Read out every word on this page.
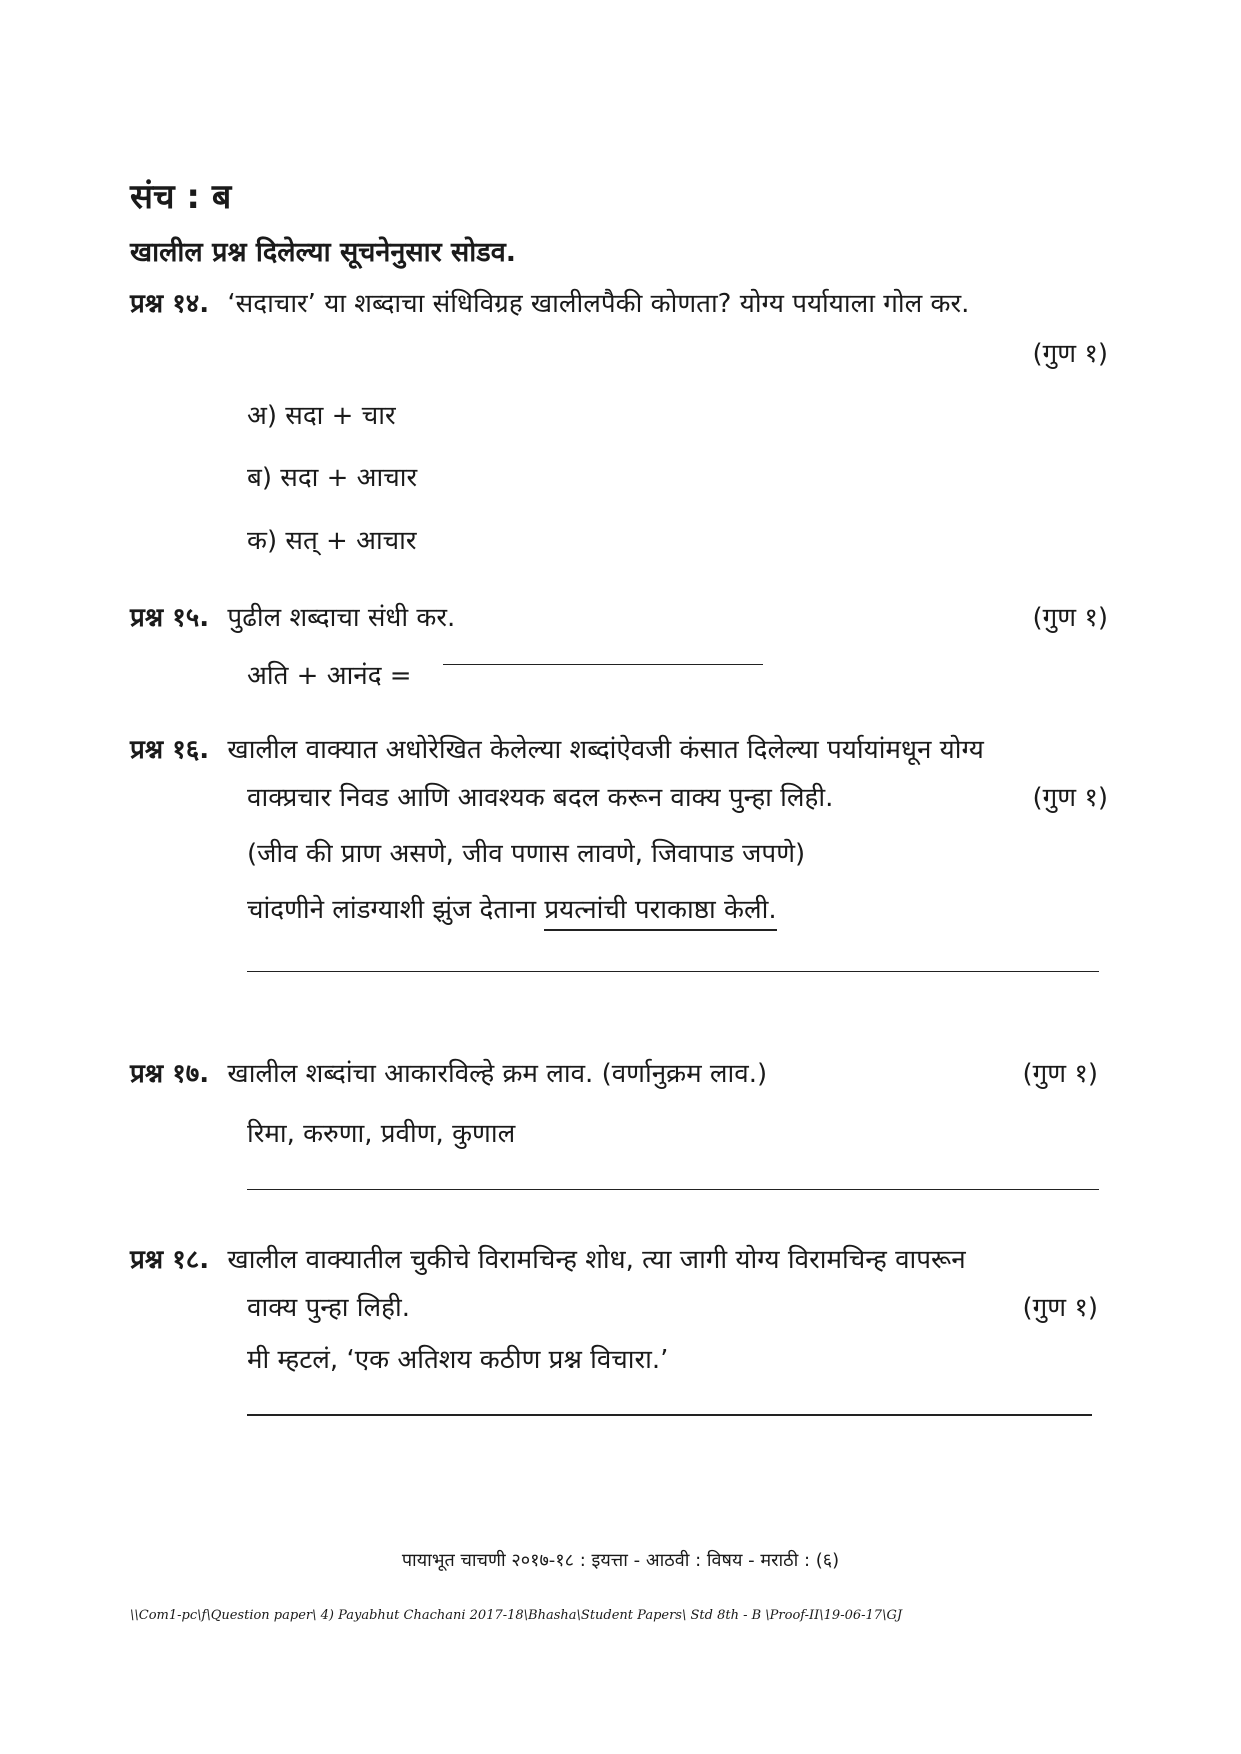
संच : ब
खालील प्रश्न दिलेल्या सूचनेनुसार सोडव.
प्रश्न १४. ‘सदाचार’ या शब्दाचा संधिविग्रह खालीलपैकी कोणता? योग्य पर्यायाला गोल कर.
(गुण १)
अ) सदा + चार
ब) सदा + आचार
क) सत् + आचार
प्रश्न १५. पुढील शब्दाचा संधी कर.	(गुण १)
अति + आनंद =
प्रश्न १६. खालील वाक्यात अधोरेखित केलेल्या शब्दांऐवजी कंसात दिलेल्या पर्यायांमधून योग्य
वाक्प्रचार निवड आणि आवश्यक बदल करून वाक्य पुन्हा लिही.	(गुण १)
(जीव की प्राण असणे, जीव पणास लावणे, जिवापाड जपणे)
चांदणीने लांडग्याशी झुंज देताना प्रयत्नांची पराकाष्ठा केली.
प्रश्न १७. खालील शब्दांचा आकारविल्हे क्रम लाव. (वर्णानुक्रम लाव.)	(गुण १)
रिमा, करुणा, प्रवीण, कुणाल
प्रश्न १८. खालील वाक्यातील चुकीचे विरामचिन्ह शोध, त्या जागी योग्य विरामचिन्ह वापरून
वाक्य पुन्हा लिही.	(गुण १)
मी म्हटलं, ‘एक अतिशय कठीण प्रश्न विचारा.’
पायाभूत चाचणी २०१७-१८ : इयत्ता - आठवी : विषय - मराठी : (६)
\\Com1-pc\f\Question paper\ 4) Payabhut Chachani 2017-18\Bhasha\Student Papers\ Std 8th - B \Proof-II\19-06-17\GJ
